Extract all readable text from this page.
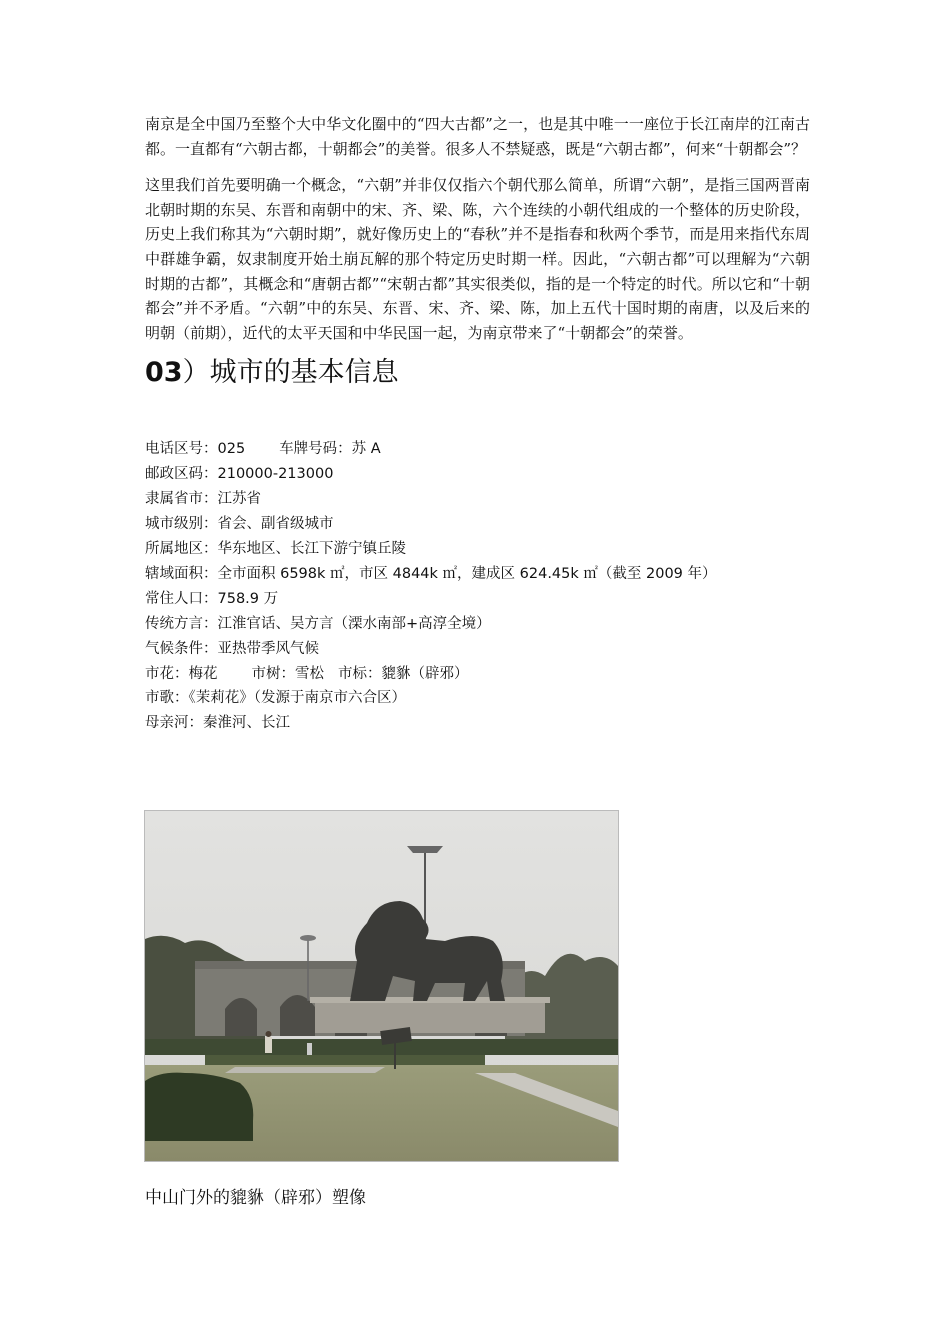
南京是全中国乃至整个大中华文化圈中的“四大古都”之一，也是其中唯一一座位于长江南岸的江南古都。一直都有“六朝古都，十朝都会”的美誉。很多人不禁疑惑，既是“六朝古都”，何来“十朝都会”？

这里我们首先要明确一个概念，“六朝”并非仅仅指六个朝代那么简单，所谓“六朝”，是指三国两晋南北朝时期的东吴、东晋和南朝中的宋、齐、梁、陈，六个连续的小朝代组成的一个整体的历史阶段，历史上我们称其为“六朝时期”，就好像历史上的“春秋”并不是指春和秋两个季节，而是用来指代东周中群雄争霸，奴隶制度开始土崩瓦解的那个特定历史时期一样。因此，“六朝古都”可以理解为“六朝时期的古都”，其概念和“唐朝古都”“宋朝古都”其实很类似，指的是一个特定的时代。所以它和“十朝都会”并不矛盾。“六朝”中的东吴、东晋、宋、齐、梁、陈，加上五代十国时期的南唐，以及后来的明朝（前期），近代的太平天国和中华民国一起，为南京带来了“十朝都会”的荣誉。

03）城市的基本信息
电话区号：025 车牌号码：苏 A
邮政区码：210000-213000
隶属省市：江苏省
城市级别：省会、副省级城市
所属地区：华东地区、长江下游宁镇丘陵
辖域面积：全市面积 6598k ㎡，市区 4844k ㎡，建成区 624.45k ㎡（截至 2009 年）
常住人口：758.9 万
传统方言：江淮官话、吴方言（溧水南部+高淳全境）
气候条件：亚热带季风气候
市花：梅花 市树：雪松 市标：貔貅（辟邪）
市歌：《茉莉花》（发源于南京市六合区）
母亲河：秦淮河、长江
中山门外的貔貅（辟邪）塑像
